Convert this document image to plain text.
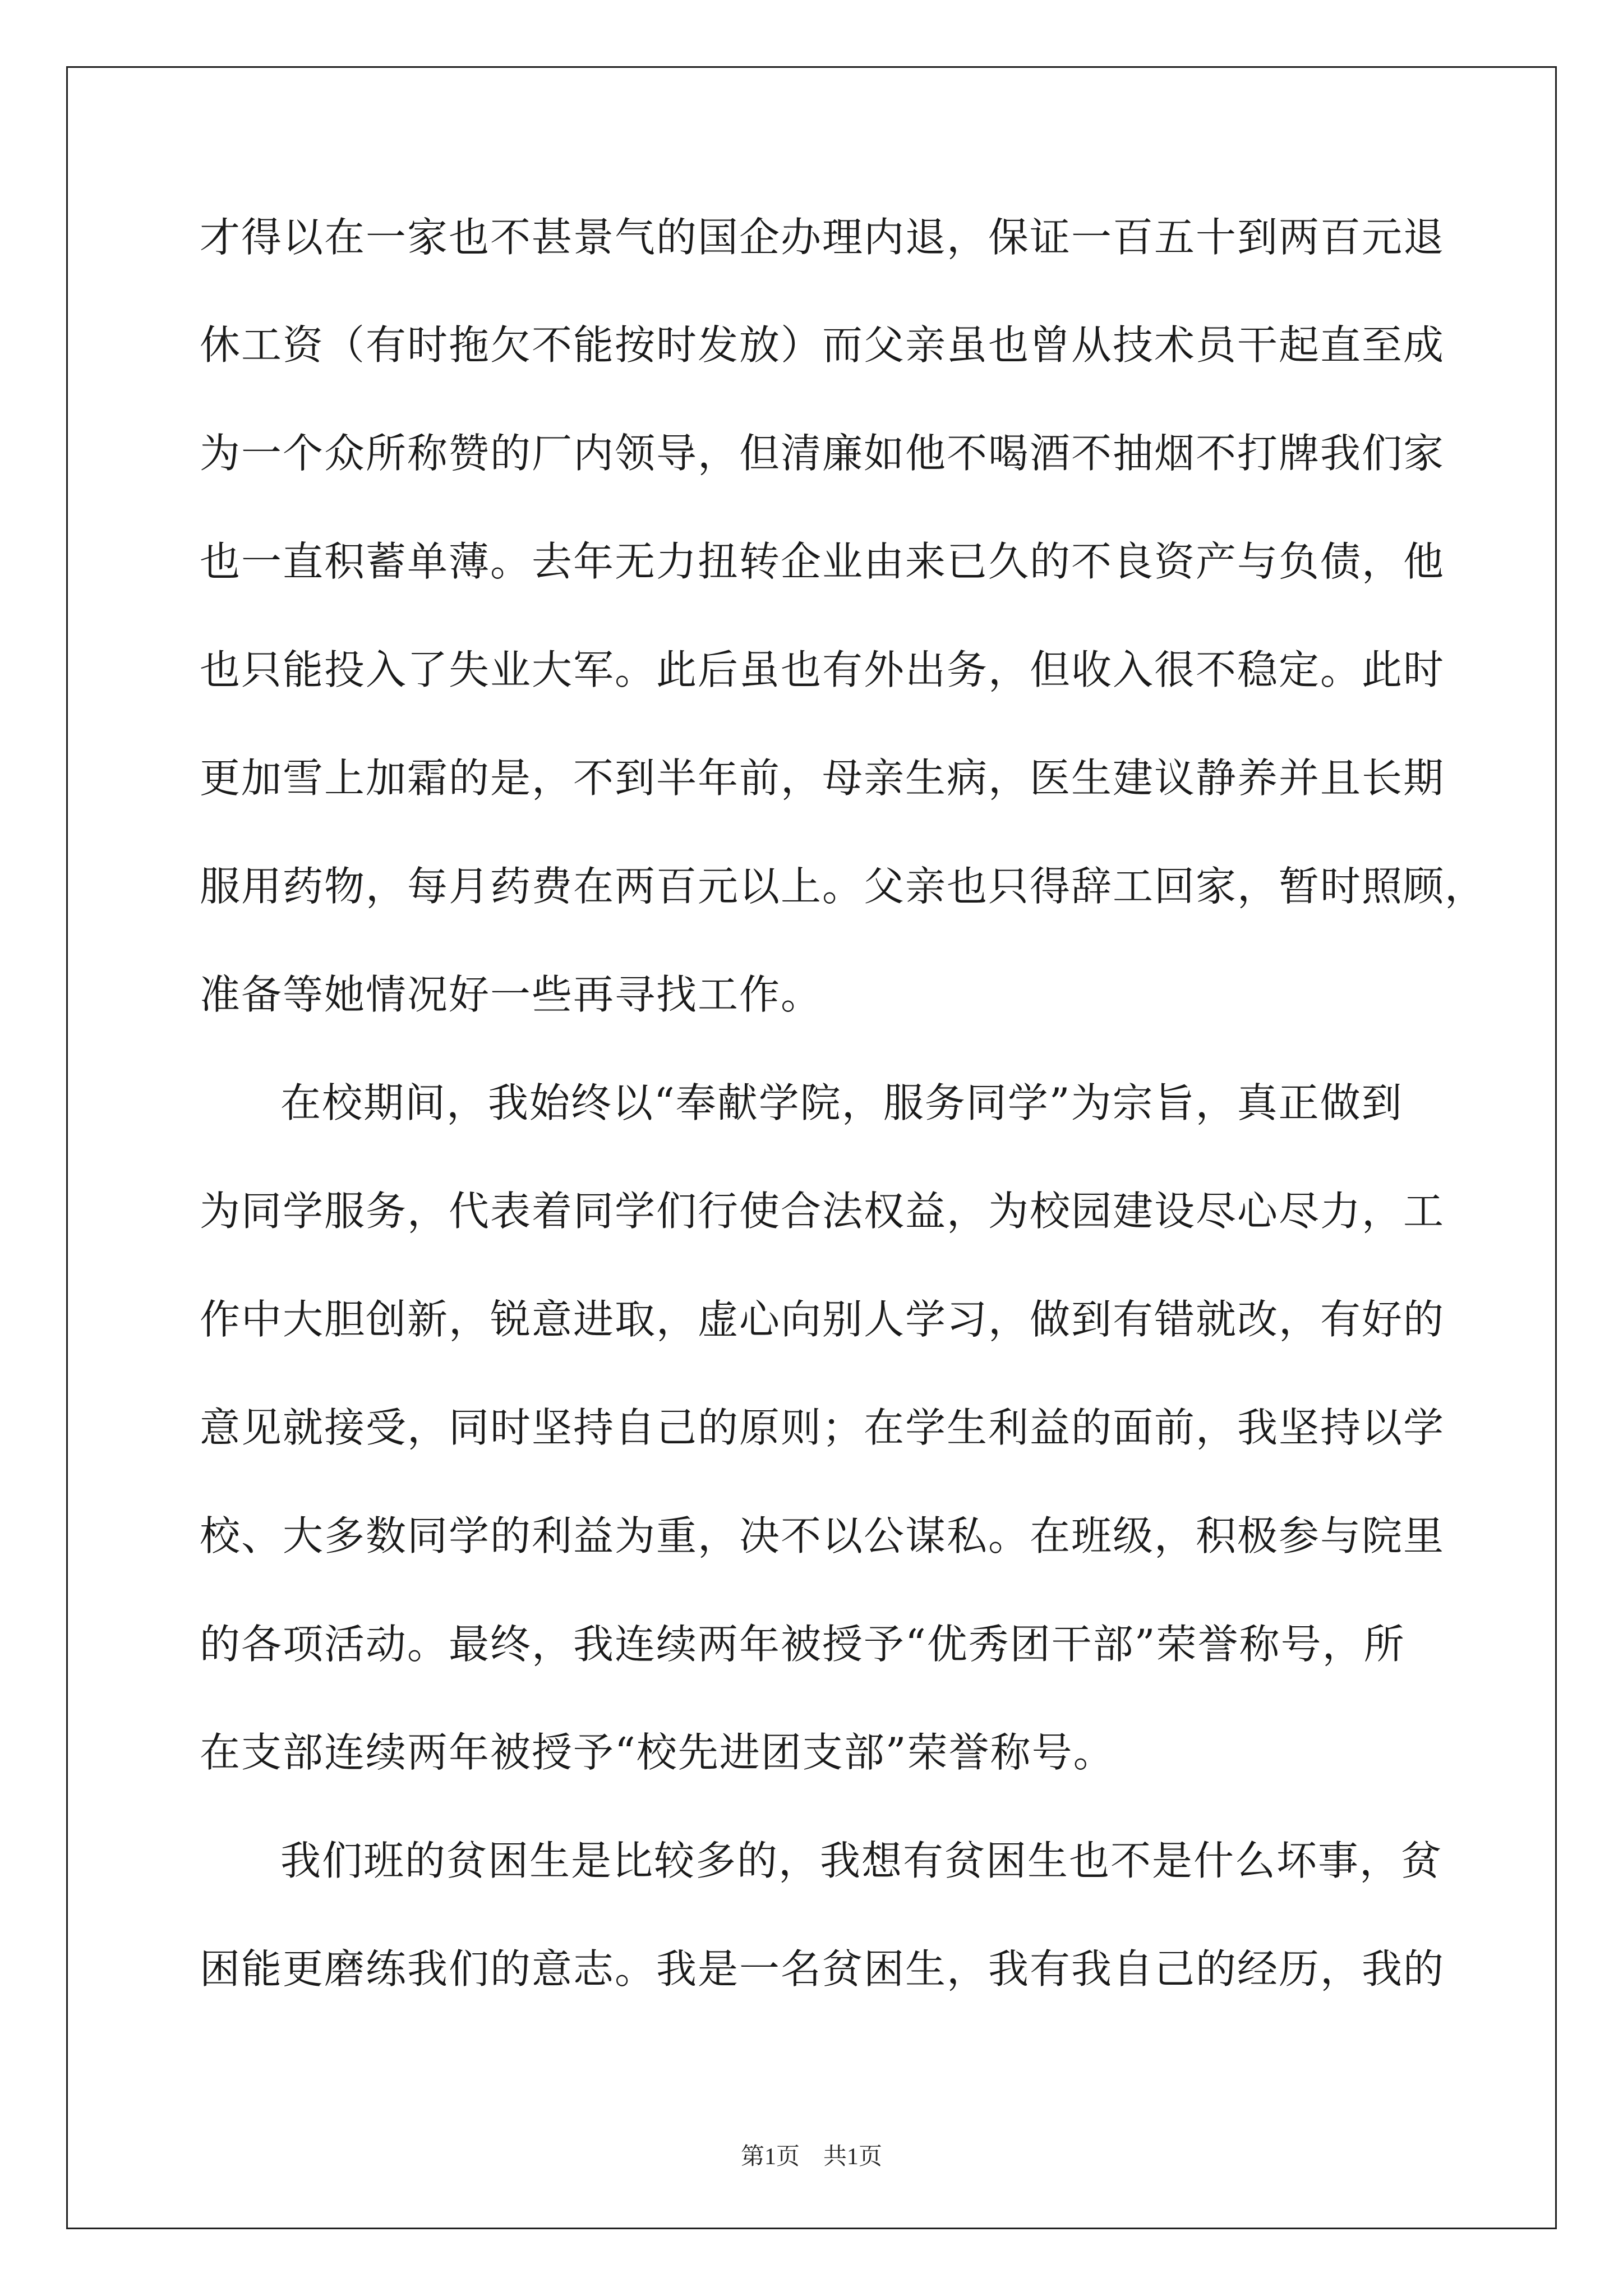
才得以在一家也不甚景气的国企办理内退，保证一百五十到两百元退
休工资（有时拖欠不能按时发放）而父亲虽也曾从技术员干起直至成
为一个众所称赞的厂内领导，但清廉如他不喝酒不抽烟不打牌我们家
也一直积蓄单薄。去年无力扭转企业由来已久的不良资产与负债，他
也只能投入了失业大军。此后虽也有外出务，但收入很不稳定。此时
更加雪上加霜的是，不到半年前，母亲生病，医生建议静养并且长期
服用药物，每月药费在两百元以上。父亲也只得辞工回家，暂时照顾，
准备等她情况好一些再寻找工作。
在校期间，我始终以“奉献学院，服务同学”为宗旨，真正做到
为同学服务，代表着同学们行使合法权益，为校园建设尽心尽力，工
作中大胆创新，锐意进取，虚心向别人学习，做到有错就改，有好的
意见就接受，同时坚持自己的原则；在学生利益的面前，我坚持以学
校、大多数同学的利益为重，决不以公谋私。在班级，积极参与院里
的各项活动。最终，我连续两年被授予“优秀团干部”荣誉称号，所
在支部连续两年被授予“校先进团支部”荣誉称号。
我们班的贫困生是比较多的，我想有贫困生也不是什么坏事，贫
困能更磨练我们的意志。我是一名贫困生，我有我自己的经历，我的
第1页　共1页
